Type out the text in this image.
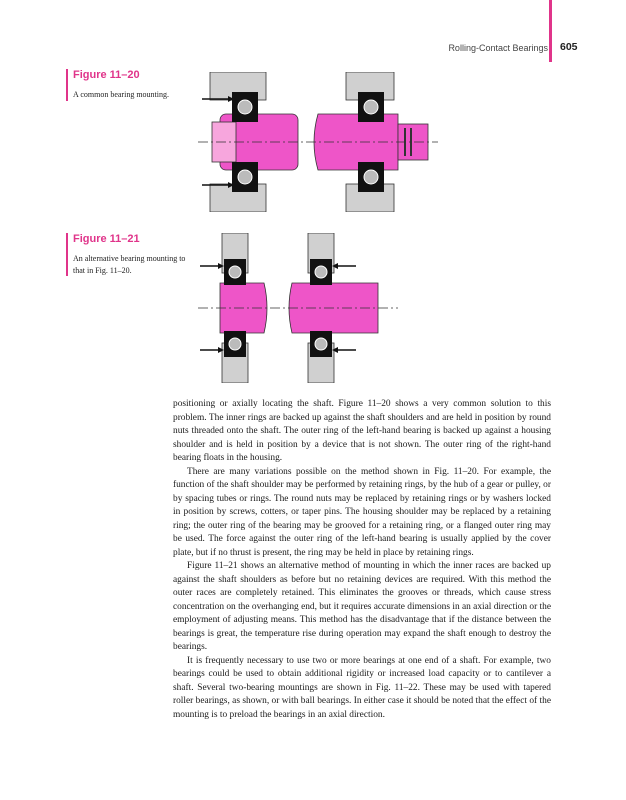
Rolling-Contact Bearings 605
Figure 11–20
A common bearing mounting.
Figure 11–21
An alternative bearing mounting to that in Fig. 11–20.

positioning or axially locating the shaft. Figure 11–20 shows a very common solution to this problem. The inner rings are backed up against the shaft shoulders and are held in position by round nuts threaded onto the shaft. The outer ring of the left-hand bearing is backed up against a housing shoulder and is held in position by a device that is not shown. The outer ring of the right-hand bearing floats in the housing.

There are many variations possible on the method shown in Fig. 11–20. For example, the function of the shaft shoulder may be performed by retaining rings, by the hub of a gear or pulley, or by spacing tubes or rings. The round nuts may be replaced by retaining rings or by washers locked in position by screws, cotters, or taper pins. The housing shoulder may be replaced by a retaining ring; the outer ring of the bearing may be grooved for a retaining ring, or a flanged outer ring may be used. The force against the outer ring of the left-hand bearing is usually applied by the cover plate, but if no thrust is present, the ring may be held in place by retaining rings.

Figure 11–21 shows an alternative method of mounting in which the inner races are backed up against the shaft shoulders as before but no retaining devices are required. With this method the outer races are completely retained. This eliminates the grooves or threads, which cause stress concentration on the overhanging end, but it requires accurate dimensions in an axial direction or the employment of adjusting means. This method has the disadvantage that if the distance between the bearings is great, the temperature rise during operation may expand the shaft enough to destroy the bearings.

It is frequently necessary to use two or more bearings at one end of a shaft. For example, two bearings could be used to obtain additional rigidity or increased load capacity or to cantilever a shaft. Several two-bearing mountings are shown in Fig. 11–22. These may be used with tapered roller bearings, as shown, or with ball bearings. In either case it should be noted that the effect of the mounting is to preload the bearings in an axial direction.
